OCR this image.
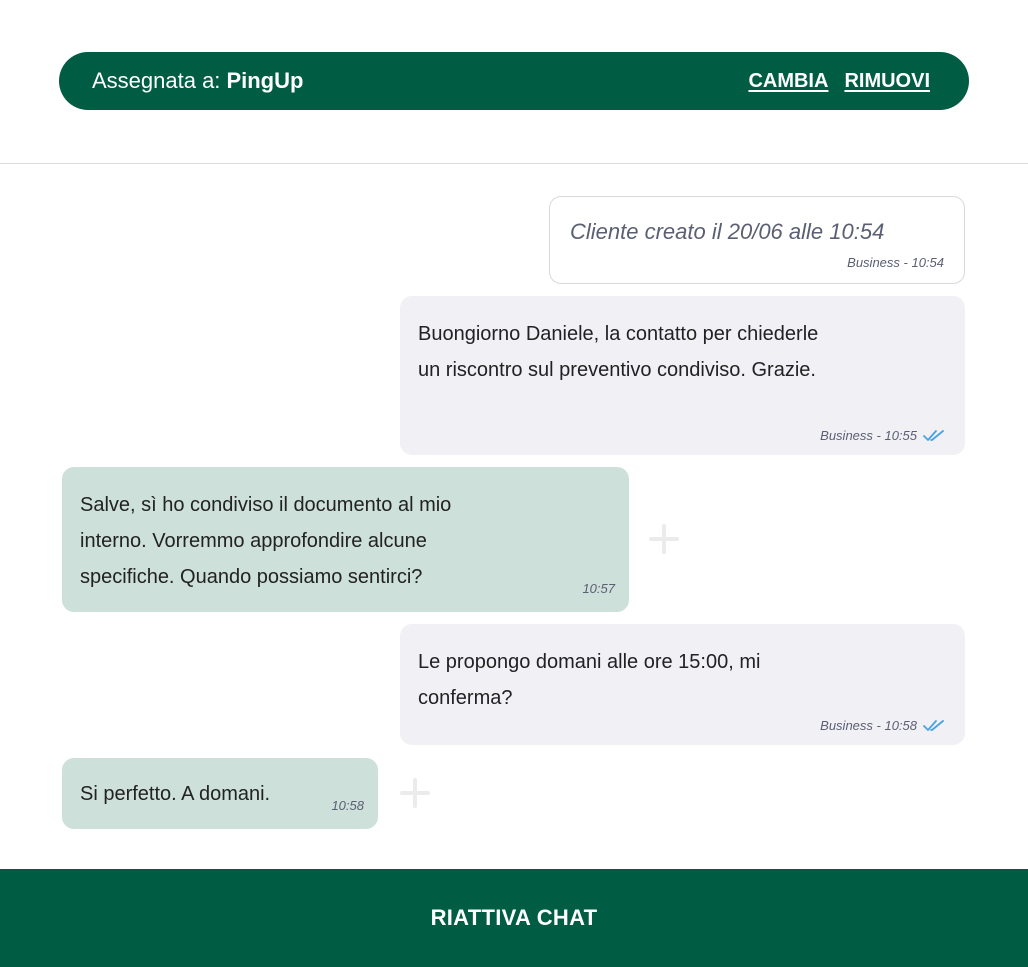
Assegnata a: PingUp	CAMBIA RIMUOVI
Cliente creato il 20/06 alle 10:54
Business - 10:54
Buongiorno Daniele, la contatto per chiederle
un riscontro sul preventivo condiviso. Grazie.
Business - 10:55
Salve, sì ho condiviso il documento al mio
interno. Vorremmo approfondire alcune
specifiche. Quando possiamo sentirci?
10:57
Le propongo domani alle ore 15:00, mi
conferma?
Business - 10:58
Si perfetto. A domani.
10:58
RIATTIVA CHAT
